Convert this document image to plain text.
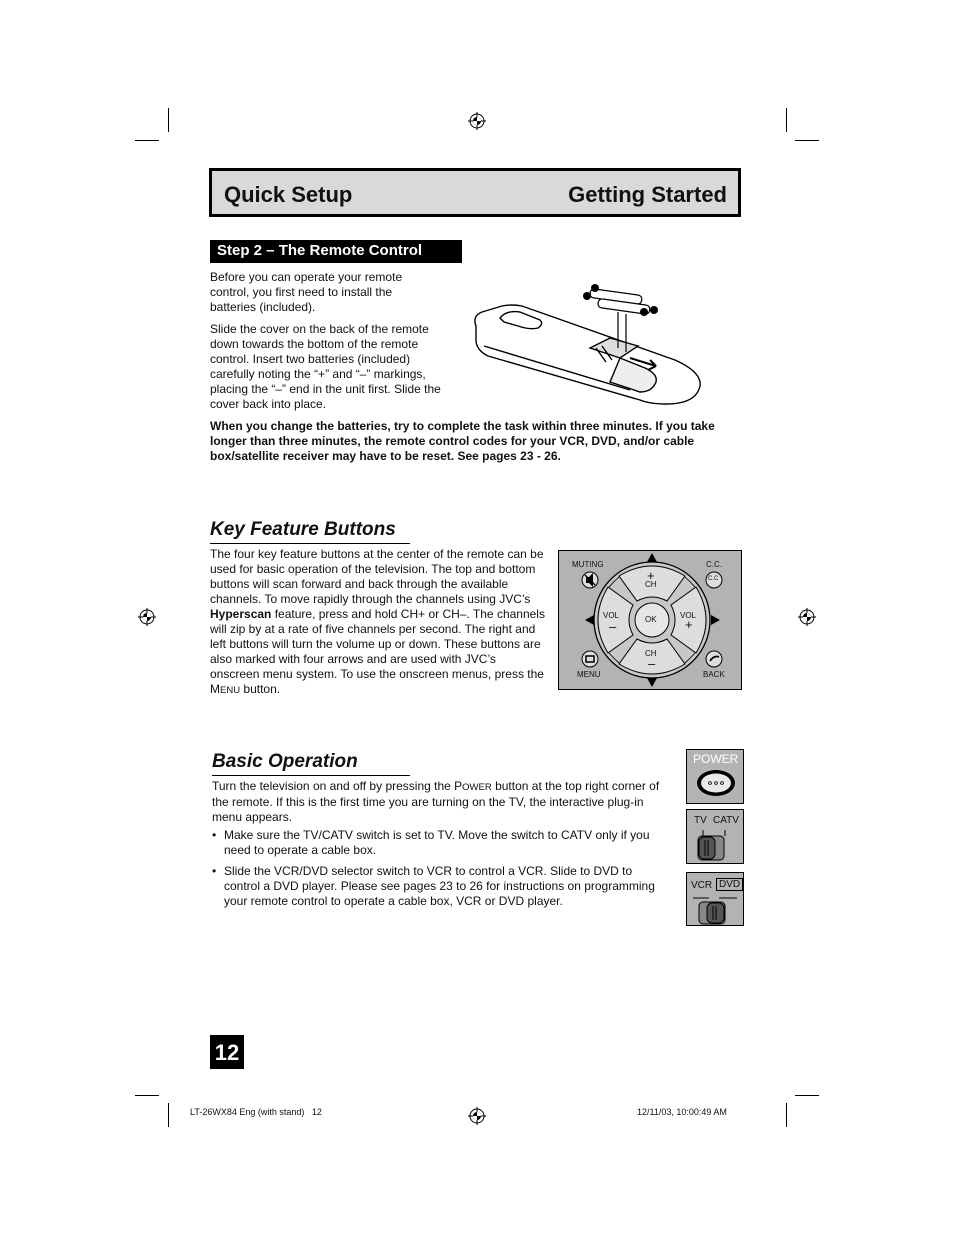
Quick Setup	Getting Started
Step 2 – The Remote Control

Before you can operate your remote control, you first need to install the batteries (included).

Slide the cover on the back of the remote down towards the bottom of the remote control. Insert two batteries (included) carefully noting the “+” and “–” markings, placing the “–” end in the unit first. Slide the cover back into place.

When you change the batteries, try to complete the task within three minutes. If you take longer than three minutes, the remote control codes for your VCR, DVD, and/or cable box/satellite receiver may have to be reset. See pages 23 - 26.

Key Feature Buttons

The four key feature buttons at the center of the remote can be used for basic operation of the television. The top and bottom buttons will scan forward and back through the available channels. To move rapidly through the channels using JVC’s Hyperscan feature, press and hold CH+ or CH–. The channels will zip by at a rate of five channels per second. The right and left buttons will turn the volume up or down. These buttons are also marked with four arrows and are used with JVC’s onscreen menu system. To use the onscreen menus, press the MENU button.

MUTING	C.C.
C.C
+
CH
CH
–
VOL
–
VOL
+
OK
MENU	BACK
Basic Operation

Turn the television on and off by pressing the POWER button at the top right corner of the remote. If this is the first time you are turning on the TV, the interactive plug-in menu appears.

• Make sure the TV/CATV switch is set to TV. Move the switch to CATV only if you need to operate a cable box.
• Slide the VCR/DVD selector switch to VCR to control a VCR. Slide to DVD to control a DVD player. Please see pages 23 to 26 for instructions on programming your remote control to operate a cable box, VCR or DVD player.
POWER
TV CATV
VCR DVD
12
LT-26WX84 Eng (with stand)   12	12/11/03, 10:00:49 AM
